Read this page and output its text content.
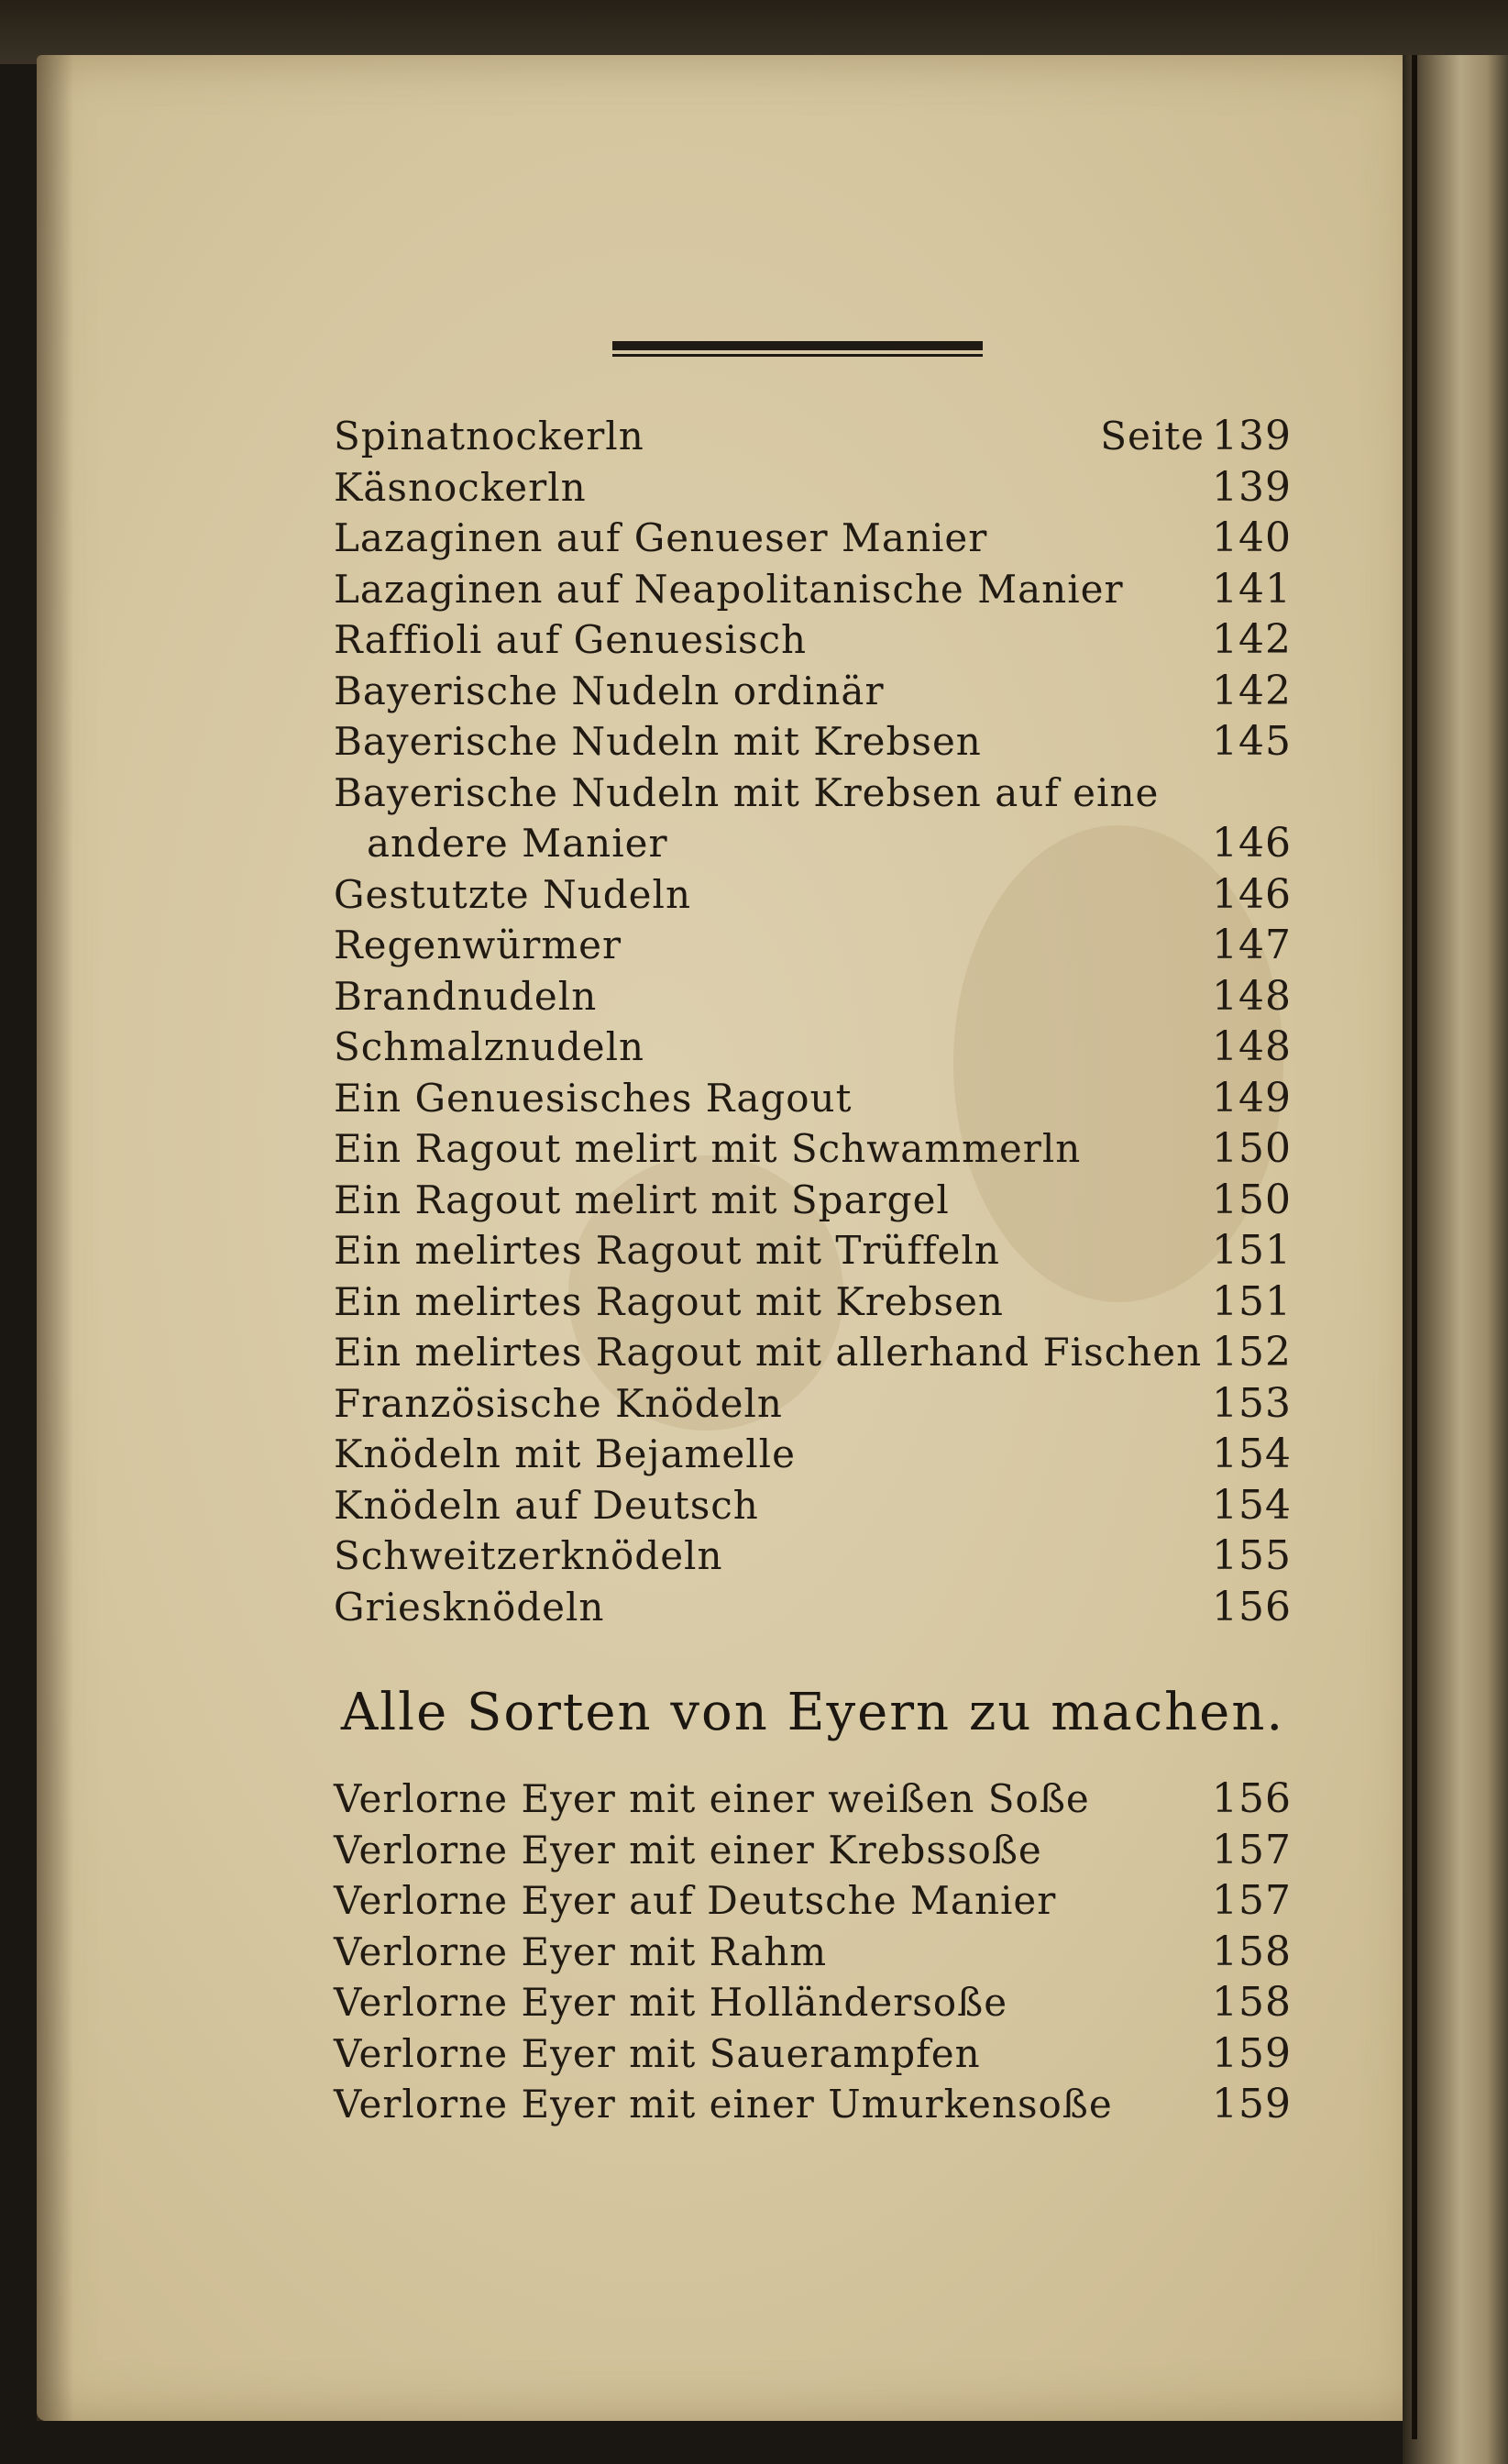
Spinatnockerln	Seite 139
Käsnockerln	139
Lazaginen auf Genueser Manier	140
Lazaginen auf Neapolitanische Manier	141
Raffioli auf Genuesisch	142
Bayerische Nudeln ordinär	142
Bayerische Nudeln mit Krebsen	145
Bayerische Nudeln mit Krebsen auf eine
andere Manier	146
Gestutzte Nudeln	146
Regenwürmer	147
Brandnudeln	148
Schmalznudeln	148
Ein Genuesisches Ragout	149
Ein Ragout melirt mit Schwammerln	150
Ein Ragout melirt mit Spargel	150
Ein melirtes Ragout mit Trüffeln	151
Ein melirtes Ragout mit Krebsen	151
Ein melirtes Ragout mit allerhand Fischen 152
Französische Knödeln	153
Knödeln mit Bejamelle	154
Knödeln auf Deutsch	154
Schweitzerknödeln	155
Griesknödeln	156
Alle Sorten von Eyern zu machen.
Verlorne Eyer mit einer weißen Soße	156
Verlorne Eyer mit einer Krebssoße	157
Verlorne Eyer auf Deutsche Manier	157
Verlorne Eyer mit Rahm	158
Verlorne Eyer mit Holländersoße	158
Verlorne Eyer mit Sauerampfen	159
Verlorne Eyer mit einer Umurkensoße	159
